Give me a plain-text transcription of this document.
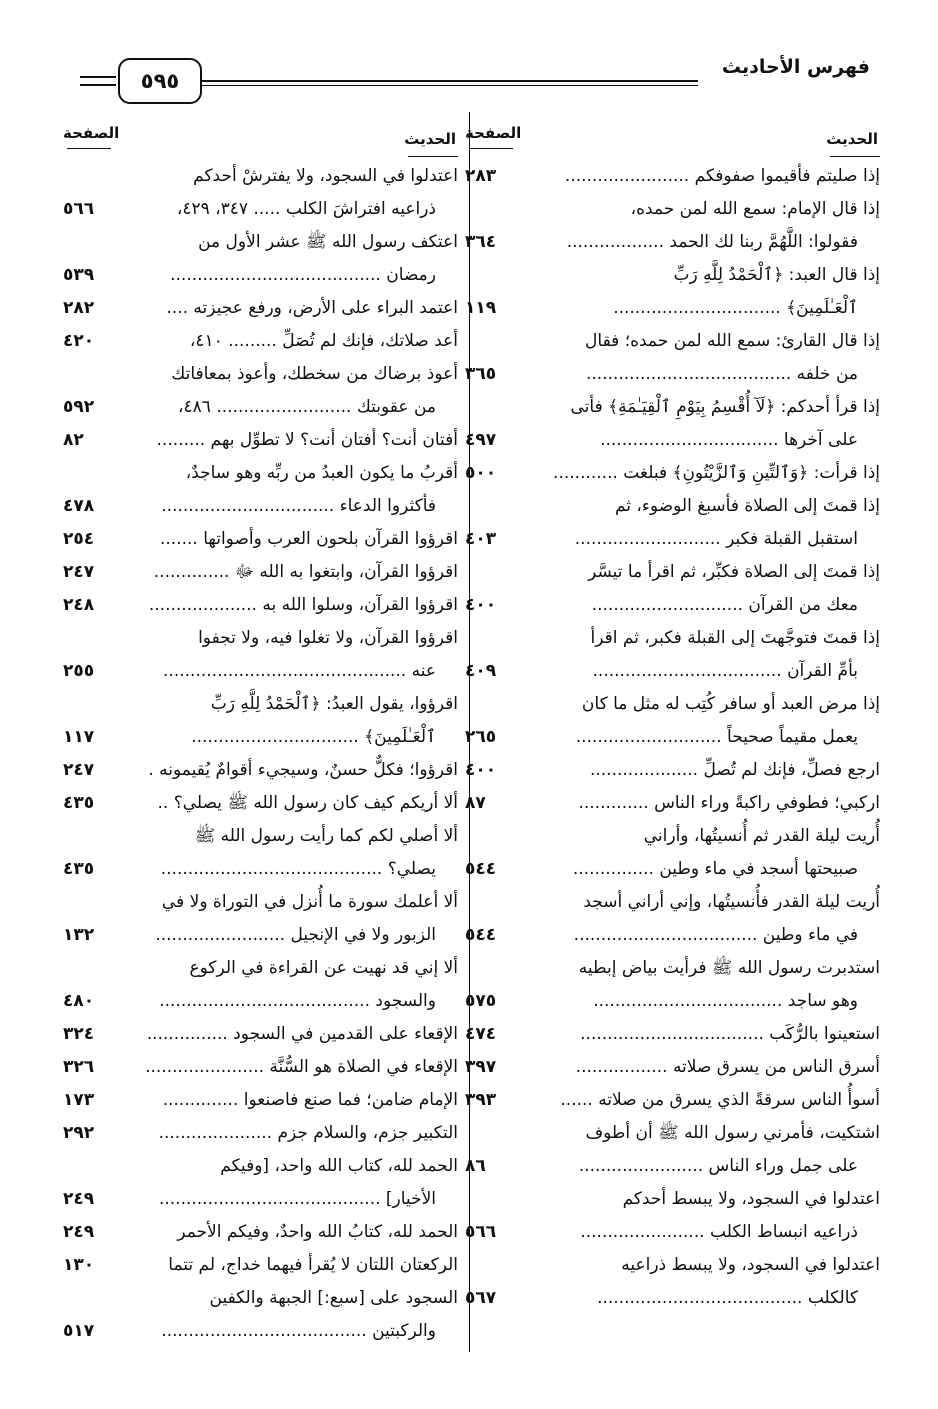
فهرس الأحاديث
٥٩٥
الحديث
الصفحة
إذا صليتم فأقيموا صفوفكم .......................
٢٨٣
إذا قال الإمام: سمع الله لمن حمده،
فقولوا: اللَّهُمَّ ربنا لك الحمد ..................
٣٦٤
إذا قال العبد: ﴿ٱلْحَمْدُ لِلَّهِ رَبِّ
ٱلْعَـٰلَمِينَ﴾ ...............................
١١٩
إذا قال القارئ: سمع الله لمن حمده؛ فقال
من خلفه ......................................
٣٦٥
إذا قرأ أحدكم: ﴿لَآ أُقْسِمُ بِيَوْمِ ٱلْقِيَـٰمَةِ﴾ فأتى
على آخرها .................................
٤٩٧
إذا قرأت: ﴿وَٱلتِّينِ وَٱلزَّيْتُونِ﴾ فبلغت ............
٥٠٠
إذا قمتَ إلى الصلاة فأسبغ الوضوء، ثم
استقبل القبلة فكبر ...........................
٤٠٣
إذا قمتَ إلى الصلاة فكبِّر، ثم اقرأ ما تيسَّر
معك من القرآن ............................
٤٠٠
إذا قمتَ فتوجَّهتَ إلى القبلة فكبر، ثم اقرأ
بأمِّ القرآن ...................................
٤٠٩
إذا مرض العبد أو سافر كُتِب له مثل ما كان
يعمل مقيماً صحيحاً ...........................
٢٦٥
ارجع فصلِّ، فإنك لم تُصلِّ ....................
٤٠٠
اركبي؛ فطوفي راكبةً وراء الناس .............
٨٧
أُريت ليلة القدر ثم أُنسيتُها، وأراني
صبيحتها أسجد في ماء وطين ...............
٥٤٤
أُريت ليلة القدر فأُنسيتُها، وإني أراني أسجد
في ماء وطين ..................................
٥٤٤
استدبرت رسول الله ﷺ فرأيت بياض إبطيه
وهو ساجد ...................................
٥٧٥
استعينوا بالرُّكَب ..................................
٤٧٤
أسرق الناس من يسرق صلاته .................
٣٩٧
أسوأُ الناس سرقةً الذي يسرق من صلاته ......
٣٩٣
اشتكيت، فأمرني رسول الله ﷺ أن أطوف
على جمل وراء الناس .......................
٨٦
اعتدلوا في السجود، ولا يبسط أحدكم
ذراعيه انبساط الكلب .......................
٥٦٦
اعتدلوا في السجود، ولا يبسط ذراعيه
كالكلب ......................................
٥٦٧
الحديث
الصفحة
اعتدلوا في السجود، ولا يفترشْ أحدكم
ذراعيه افتراشَ الكلب ..... ٣٤٧، ٤٢٩،
٥٦٦
اعتكف رسول الله ﷺ عشر الأول من
رمضان .......................................
٥٣٩
اعتمد البراء على الأرض، ورفع عجيزته ....
٢٨٢
أعد صلاتك، فإنك لم تُصَلِّ ......... ٤١٠،
٤٢٠
أعوذ برضاك من سخطك، وأعوذ بمعافاتك
من عقوبتك ......................... ٤٨٦،
٥٩٢
أفتان أنت؟ أفتان أنت؟ لا تطوِّل بهم .........
٨٢
أقربُ ما يكون العبدُ من ربِّه وهو ساجدٌ،
فأكثروا الدعاء ................................
٤٧٨
اقرؤوا القرآن بلحون العرب وأصواتها .......
٢٥٤
اقرؤوا القرآن، وابتغوا به الله ﷻ ..............
٢٤٧
اقرؤوا القرآن، وسلوا الله به ....................
٢٤٨
اقرؤوا القرآن، ولا تغلوا فيه، ولا تجفوا
عنه .............................................
٢٥٥
اقرؤوا، يقول العبدُ: ﴿ٱلْحَمْدُ لِلَّهِ رَبِّ
ٱلْعَـٰلَمِينَ﴾ ...............................
١١٧
اقرؤوا؛ فكلٌّ حسنٌ، وسيجيء أقوامٌ يُقيمونه .
٢٤٧
ألا أريكم كيف كان رسول الله ﷺ يصلي؟ ..
٤٣٥
ألا أصلي لكم كما رأيت رسول الله ﷺ
يصلي؟ .........................................
٤٣٥
ألا أعلمك سورة ما أُنزل في التوراة ولا في
الزبور ولا في الإنجيل ........................
١٣٢
ألا إني قد نهيت عن القراءة في الركوع
والسجود .......................................
٤٨٠
الإقعاء على القدمين في السجود ...............
٣٢٤
الإقعاء في الصلاة هو السُّنَّة ......................
٣٢٦
الإمام ضامن؛ فما صنع فاصنعوا ..............
١٧٣
التكبير جزم، والسلام جزم .....................
٢٩٢
الحمد لله، كتاب الله واحد، [وفيكم
الأخيار] .........................................
٢٤٩
الحمد لله، كتابُ الله واحدٌ، وفيكم الأحمر
٢٤٩
الركعتان اللتان لا يُقرأ فيهما خداج، لم تتما
١٣٠
السجود على [سبع:] الجبهة والكفين
والركبتين ......................................
٥١٧
